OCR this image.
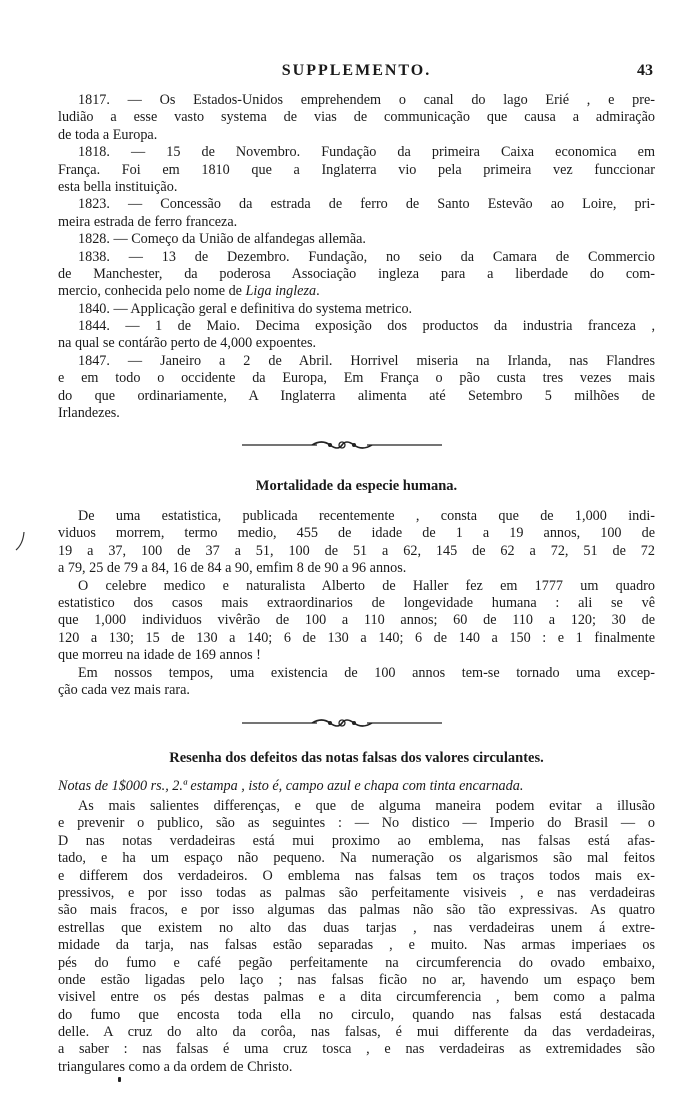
SUPPLEMENTO.	43
1817. — Os Estados-Unidos emprehendem o canal do lago Erié , e pre-
ludião a esse vasto systema de vias de communicação que causa a admiração
de toda a Europa.
1818. — 15 de Novembro. Fundação da primeira Caixa economica em
França. Foi em 1810 que a Inglaterra vio pela primeira vez funccionar
esta bella instituição.
1823. — Concessão da estrada de ferro de Santo Estevão ao Loire, pri-
meira estrada de ferro franceza.
1828. — Começo da União de alfandegas allemãa.
1838. — 13 de Dezembro. Fundação, no seio da Camara de Commercio
de Manchester, da poderosa Associação ingleza para a liberdade do com-
mercio, conhecida pelo nome de Liga ingleza.
1840. — Applicação geral e definitiva do systema metrico.
1844. — 1 de Maio. Decima exposição dos productos da industria franceza ,
na qual se contárão perto de 4,000 expoentes.
1847. — Janeiro a 2 de Abril. Horrivel miseria na Irlanda, nas Flandres
e em todo o occidente da Europa, Em França o pão custa tres vezes mais
do que ordinariamente, A Inglaterra alimenta até Setembro 5 milhões de
Irlandezes.
Mortalidade da especie humana.
De uma estatistica, publicada recentemente , consta que de 1,000 indi-
viduos morrem, termo medio, 455 de idade de 1 a 19 annos, 100 de
19 a 37, 100 de 37 a 51, 100 de 51 a 62, 145 de 62 a 72, 51 de 72
a 79, 25 de 79 a 84, 16 de 84 a 90, emfim 8 de 90 a 96 annos.
O celebre medico e naturalista Alberto de Haller fez em 1777 um quadro
estatistico dos casos mais extraordinarios de longevidade humana : ali se vê
que 1,000 individuos vivêrão de 100 a 110 annos; 60 de 110 a 120; 30 de
120 a 130; 15 de 130 a 140; 6 de 130 a 140; 6 de 140 a 150 : e 1 finalmente
que morreu na idade de 169 annos !
Em nossos tempos, uma existencia de 100 annos tem-se tornado uma excep-
ção cada vez mais rara.
Resenha dos defeitos das notas falsas dos valores circulantes.
Notas de 1$000 rs., 2.ª estampa , isto é, campo azul e chapa com tinta encarnada.
As mais salientes differenças, e que de alguma maneira podem evitar a illusão
e prevenir o publico, são as seguintes : — No distico — Imperio do Brasil — o
D nas notas verdadeiras está mui proximo ao emblema, nas falsas está afas-
tado, e ha um espaço não pequeno. Na numeração os algarismos são mal feitos
e differem dos verdadeiros. O emblema nas falsas tem os traços todos mais ex-
pressivos, e por isso todas as palmas são perfeitamente visiveis , e nas verdadeiras
são mais fracos, e por isso algumas das palmas não são tão expressivas. As quatro
estrellas que existem no alto das duas tarjas , nas verdadeiras unem á extre-
midade da tarja, nas falsas estão separadas , e muito. Nas armas imperiaes os
pés do fumo e café pegão perfeitamente na circumferencia do ovado embaixo,
onde estão ligadas pelo laço ; nas falsas ficão no ar, havendo um espaço bem
visivel entre os pés destas palmas e a dita circumferencia , bem como a palma
do fumo que encosta toda ella no circulo, quando nas falsas está destacada
delle. A cruz do alto da corôa, nas falsas, é mui differente da das verdadeiras,
a saber : nas falsas é uma cruz tosca , e nas verdadeiras as extremidades são
triangulares como a da ordem de Christo.
